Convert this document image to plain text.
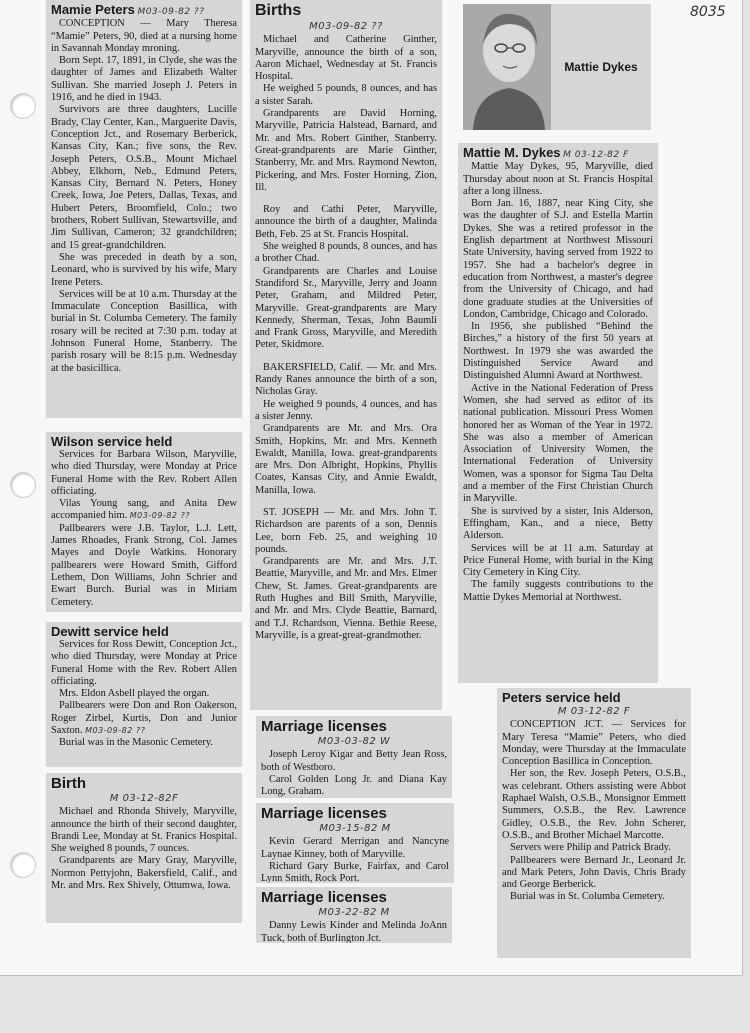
8035
Mamie Peters M03-09-82 ??

CONCEPTION — Mary Theresa “Mamie” Peters, 90, died at a nursing home in Savannah Monday mroning.

Born Sept. 17, 1891, in Clyde, she was the daughter of James and Elizabeth Walter Sullivan. She married Joseph J. Peters in 1916, and he died in 1943.

Survivors are three daughters, Lucille Brady, Clay Center, Kan., Marguerite Davis, Conception Jct., and Rosemary Berberick, Kansas City, Kan.; five sons, the Rev. Joseph Peters, O.S.B., Mount Michael Abbey, Elkhorn, Neb., Edmund Peters, Kansas City, Bernard N. Peters, Honey Creek, Iowa, Joe Peters, Dallas, Texas, and Hubert Peters, Broomfield, Colo.; two brothers, Robert Sullivan, Stewartsville, and Jim Sullivan, Cameron; 32 grandchildren; and 15 great-grandchildren.

She was preceded in death by a son, Leonard, who is survived by his wife, Mary Irene Peters.

Services will be at 10 a.m. Thursday at the Immaculate Conception Basillica, with burial in St. Columba Cemetery. The family rosary will be recited at 7:30 p.m. today at Johnson Funeral Home, Stanberry. The parish rosary will be 8:15 p.m. Wednesday at the basicillica.

Wilson service held

Services for Barbara Wilson, Maryville, who died Thursday, were Monday at Price Funeral Home with the Rev. Robert Allen officiating.

Vilas Young sang, and Anita Dew accompanied him. M03-09-82 ??

Pallbearers were J.B. Taylor, L.J. Lett, James Rhoades, Frank Strong, Col. James Mayes and Doyle Watkins. Honorary pallbearers were Howard Smith, Gifford Lethem, Don Williams, John Schrier and Ewart Burch. Burial was in Miriam Cemetery.

Dewitt service held

Services for Ross Dewitt, Conception Jct., who died Thursday, were Monday at Price Funeral Home with the Rev. Robert Allen officiating.

Mrs. Eldon Asbell played the organ.

Pallbearers were Don and Ron Oakerson, Roger Zirbel, Kurtis, Don and Junior Saxton. M03-09-82 ??

Burial was in the Masonic Cemetery.

Birth
M 03-12-82F

Michael and Rhonda Shively, Maryville, announce the birth of their second daughter, Brandi Lee, Monday at St. Franics Hospital. She weighed 8 pounds, 7 ounces.

Grandparents are Mary Gray, Maryville, Normon Pettyjohn, Bakersfield, Calif., and Mr. and Mrs. Rex Shively, Ottumwa, Iowa.

Births
M03-09-82 ??

Michael and Catherine Ginther, Maryville, announce the birth of a son, Aaron Michael, Wednesday at St. Francis Hospital.

He weighed 5 pounds, 8 ounces, and has a sister Sarah.

Grandparents are David Horning, Maryville, Patricia Halstead, Barnard, and Mr. and Mrs. Robert Ginther, Stanberry. Great-grandparents are Marie Ginther, Stanberry, Mr. and Mrs. Raymond Newton, Pickering, and Mrs. Foster Horning, Zion, Ill.

Roy and Cathi Peter, Maryville, announce the birth of a daughter, Malinda Beth, Feb. 25 at St. Francis Hospital.

She weighed 8 pounds, 8 ounces, and has a brother Chad.

Grandparents are Charles and Louise Standiford Sr., Maryville, Jerry and Joann Peter, Graham, and Mildred Peter, Maryville. Great-grandparents are Mary Kennedy, Sherman, Texas, John Baumli and Frank Gross, Maryville, and Meredith Peter, Skidmore.

BAKERSFIELD, Calif. — Mr. and Mrs. Randy Ranes announce the birth of a son, Nicholas Gray.

He weighed 9 pounds, 4 ounces, and has a sister Jenny.

Grandparents are Mr. and Mrs. Ora Smith, Hopkins, Mr. and Mrs. Kenneth Ewaldt, Manilla, Iowa. great-grandparents are Mrs. Don Albright, Hopkins, Phyllis Coates, Kansas City, and Annie Ewaldt, Manilla, Iowa.

ST. JOSEPH — Mr. and Mrs. John T. Richardson are parents of a son, Dennis Lee, born Feb. 25, and weighing 10 pounds.

Grandparents are Mr. and Mrs. J.T. Beattie, Maryville, and Mr. and Mrs. Elmer Chew, St. James. Great-grandparents are Ruth Hughes and Bill Smith, Maryville, and Mr. and Mrs. Clyde Beattie, Barnard, and T.J. Rchardson, Vienna. Bethie Reese, Maryville, is a great-great-grandmother.

Marriage licenses
M03-03-82 W

Joseph Leroy Kigar and Betty Jean Ross, both of Westboro.

Carol Golden Long Jr. and Diana Kay Long, Graham.

Marriage licenses
M03-15-82 M

Kevin Gerard Merrigan and Nancyne Laynae Kinney, both of Maryville.

Richard Gary Burke, Fairfax, and Carol Lynn Smith, Rock Port.

Marriage licenses
M03-22-82 M

Danny Lewis Kinder and Melinda JoAnn Tuck, both of Burlington Jct.

Mattie Dykes
Mattie M. Dykes M 03-12-82 F

Mattie May Dykes, 95, Maryville, died Thursday about noon at St. Francis Hospital after a long illness.

Born Jan. 16, 1887, near King City, she was the daughter of S.J. and Estella Martin Dykes. She was a retired professor in the English department at Northwest Missouri State University, having served from 1922 to 1957. She had a bachelor's degree in education from Northwest, a master's degree from the University of Chicago, and had done graduate studies at the Universities of London, Cambridge, Chicago and Colorado.

In 1956, she published “Behind the Birches,” a history of the first 50 years at Northwest. In 1979 she was awarded the Distinguished Service Award and Distinguished Alumni Award at Northwest.

Active in the National Federation of Press Women, she had served as editor of its national publication. Missouri Press Women honored her as Woman of the Year in 1972. She was also a member of American Association of University Women, the International Federation of University Women, was a sponsor for Sigma Tau Delta and a member of the First Christian Church in Maryville.

She is survived by a sister, Inis Alderson, Effingham, Kan., and a niece, Betty Alderson.

Services will be at 11 a.m. Saturday at Price Funeral Home, with burial in the King City Cemetery in King City.

The family suggests contributions to the Mattie Dykes Memorial at Northwest.

Peters service held
M 03-12-82 F

CONCEPTION JCT. — Services for Mary Teresa “Mamie” Peters, who died Monday, were Thursday at the Immaculate Conception Basillica in Conception.

Her son, the Rev. Joseph Peters, O.S.B., was celebrant. Others assisting were Abbot Raphael Walsh, O.S.B., Monsignor Emmett Summers, O.S.B., the Rev. Lawrence Gidley, O.S.B., the Rev. John Scherer, O.S.B., and Brother Michael Marcotte.

Servers were Philip and Patrick Brady.

Pallbearers were Bernard Jr., Leonard Jr. and Mark Peters, John Davis, Chris Brady and George Berberick.

Burial was in St. Columba Cemetery.
